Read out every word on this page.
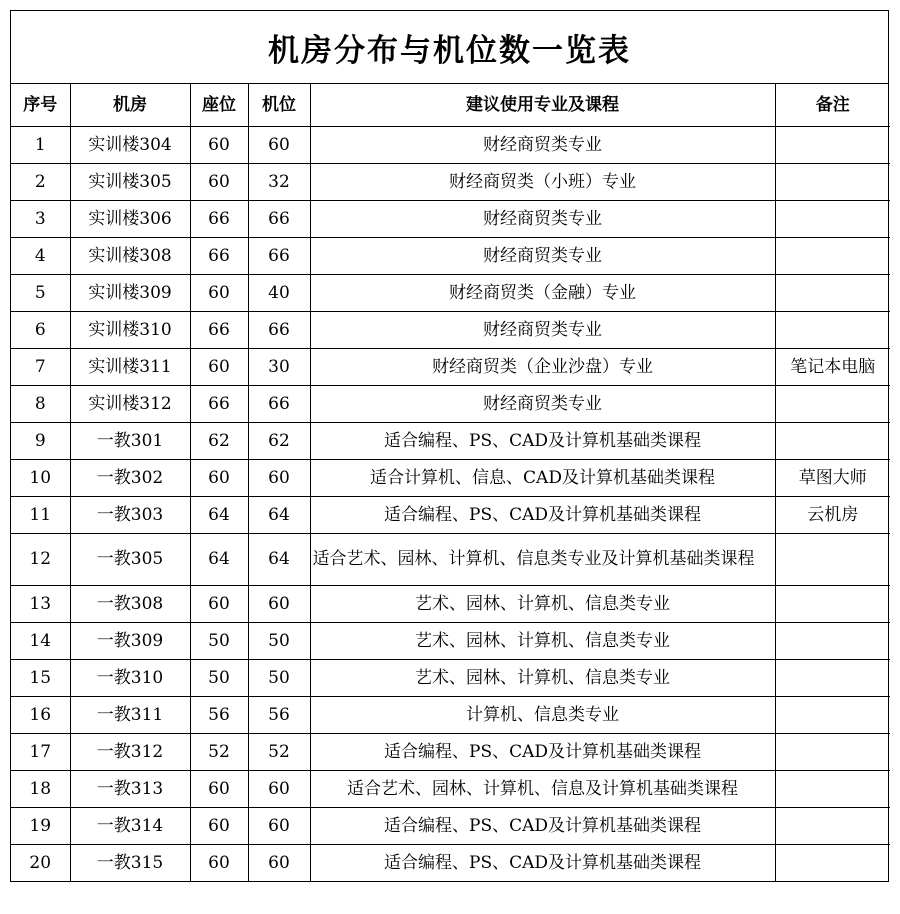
机房分布与机位数一览表
序号	机房	座位	机位	建议使用专业及课程	备注
1	实训楼304	60	60	财经商贸类专业	
2	实训楼305	60	32	财经商贸类（小班）专业	
3	实训楼306	66	66	财经商贸类专业	
4	实训楼308	66	66	财经商贸类专业	
5	实训楼309	60	40	财经商贸类（金融）专业	
6	实训楼310	66	66	财经商贸类专业	
7	实训楼311	60	30	财经商贸类（企业沙盘）专业	笔记本电脑
8	实训楼312	66	66	财经商贸类专业	
9	一教301	62	62	适合编程、PS、CAD及计算机基础类课程	
10	一教302	60	60	适合计算机、信息、CAD及计算机基础类课程	草图大师
11	一教303	64	64	适合编程、PS、CAD及计算机基础类课程	云机房
12	一教305	64	64	适合艺术、园林、计算机、信息类专业及计算机基础类课程	
13	一教308	60	60	艺术、园林、计算机、信息类专业	
14	一教309	50	50	艺术、园林、计算机、信息类专业	
15	一教310	50	50	艺术、园林、计算机、信息类专业	
16	一教311	56	56	计算机、信息类专业	
17	一教312	52	52	适合编程、PS、CAD及计算机基础类课程	
18	一教313	60	60	适合艺术、园林、计算机、信息及计算机基础类课程	
19	一教314	60	60	适合编程、PS、CAD及计算机基础类课程	
20	一教315	60	60	适合编程、PS、CAD及计算机基础类课程	
